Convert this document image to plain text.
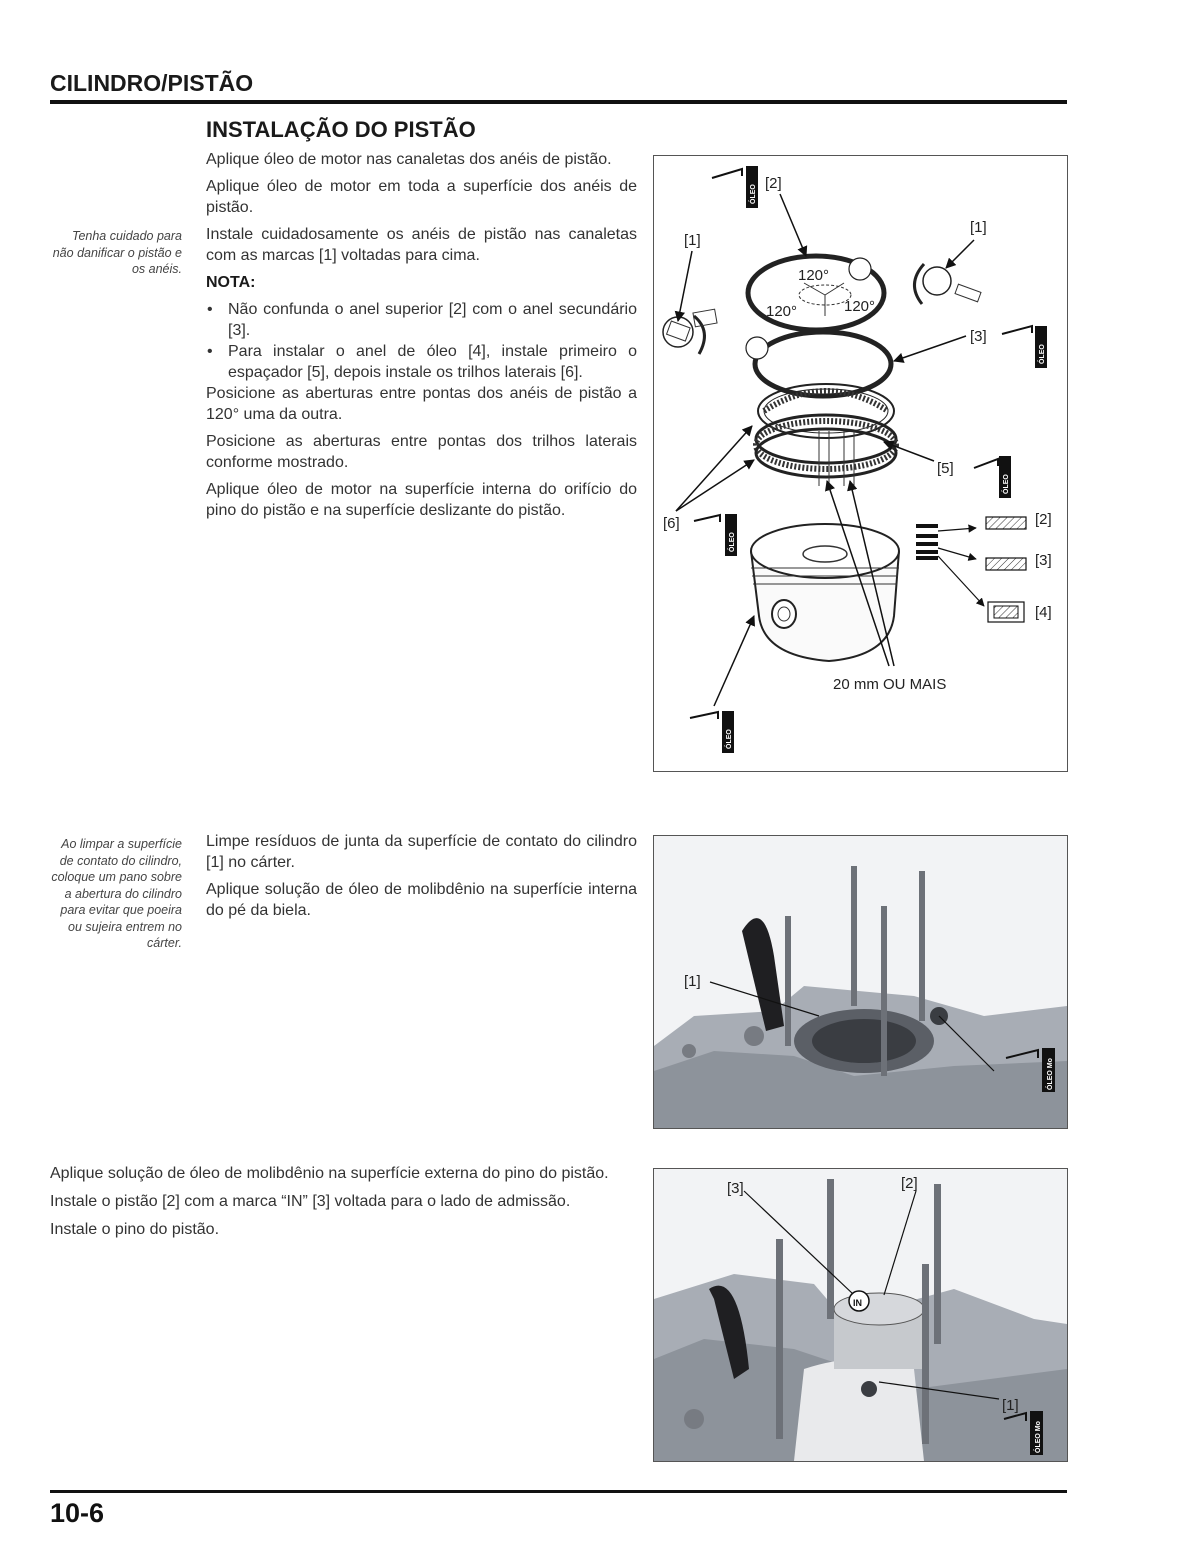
CILINDRO/PISTÃO
INSTALAÇÃO DO PISTÃO
Tenha cuidado para não danificar o pistão e os anéis.

Aplique óleo de motor nas canaletas dos anéis de pistão.

Aplique óleo de motor em toda a superfície dos anéis de pistão.

Instale cuidadosamente os anéis de pistão nas canaletas com as marcas [1] voltadas para cima.

NOTA:
• Não confunda o anel superior [2] com o anel secundário [3].
• Para instalar o anel de óleo [4], instale primeiro o espaçador [5], depois instale os trilhos laterais [6].

Posicione as aberturas entre pontas dos anéis de pistão a 120° uma da outra.

Posicione as aberturas entre pontas dos trilhos laterais conforme mostrado.

Aplique óleo de motor na superfície interna do orifício do pino do pistão e na superfície deslizante do pistão.

ÓLEO
ÓLEO
ÓLEO
ÓLEO
ÓLEO
120°
120°	120°
[2]
[1]
[1]
[3]
[5]
[6]	[2]
[3]
[4]
20 mm OU MAIS
Ao limpar a superfície de contato do cilindro, coloque um pano sobre a abertura do cilindro para evitar que poeira ou sujeira entrem no cárter.

Limpe resíduos de junta da superfície de contato do cilindro [1] no cárter.

Aplique solução de óleo de molibdênio na superfície interna do pé da biela.

ÓLEO Mo
[1]

Aplique solução de óleo de molibdênio na superfície externa do pino do pistão.

Instale o pistão [2] com a marca “IN” [3] voltada para o lado de admissão.

Instale o pino do pistão.

IN
ÓLEO Mo
[3]	[2]
[1]
10-6
